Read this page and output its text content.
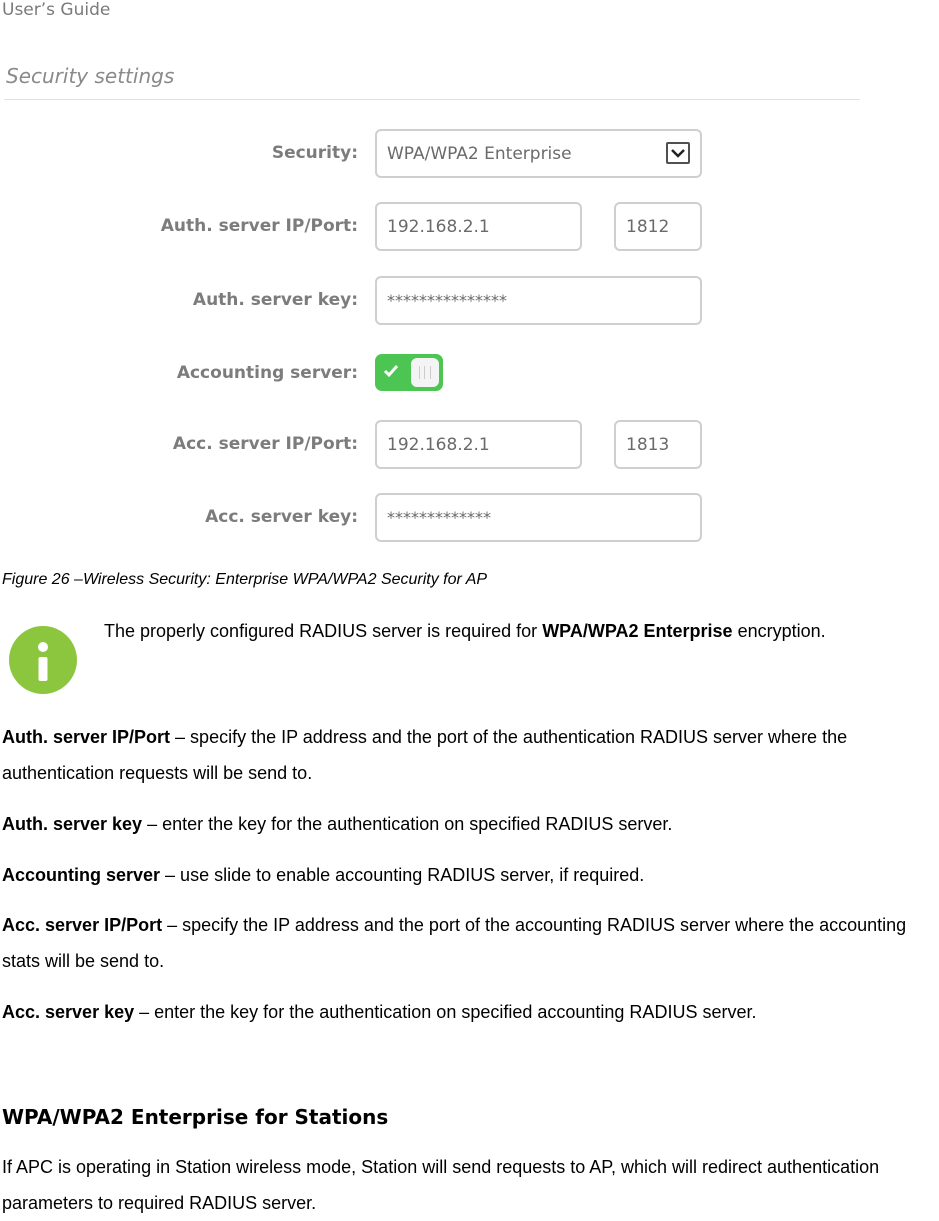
User’s Guide
Security settings
Security: WPA/WPA2 Enterprise
Auth. server IP/Port: 192.168.2.1	1812
Auth. server key: ***************
Accounting server:
Acc. server IP/Port: 192.168.2.1	1813
Acc. server key: *************
Figure 26 –Wireless Security: Enterprise WPA/WPA2 Security for AP
The properly configured RADIUS server is required for WPA/WPA2 Enterprise encryption.
Auth. server IP/Port – specify the IP address and the port of the authentication RADIUS server where the authentication requests will be send to.
Auth. server key – enter the key for the authentication on specified RADIUS server.
Accounting server – use slide to enable accounting RADIUS server, if required.
Acc. server IP/Port – specify the IP address and the port of the accounting RADIUS server where the accounting stats will be send to.
Acc. server key – enter the key for the authentication on specified accounting RADIUS server.
WPA/WPA2 Enterprise for Stations
If APC is operating in Station wireless mode, Station will send requests to AP, which will redirect authentication parameters to required RADIUS server.
